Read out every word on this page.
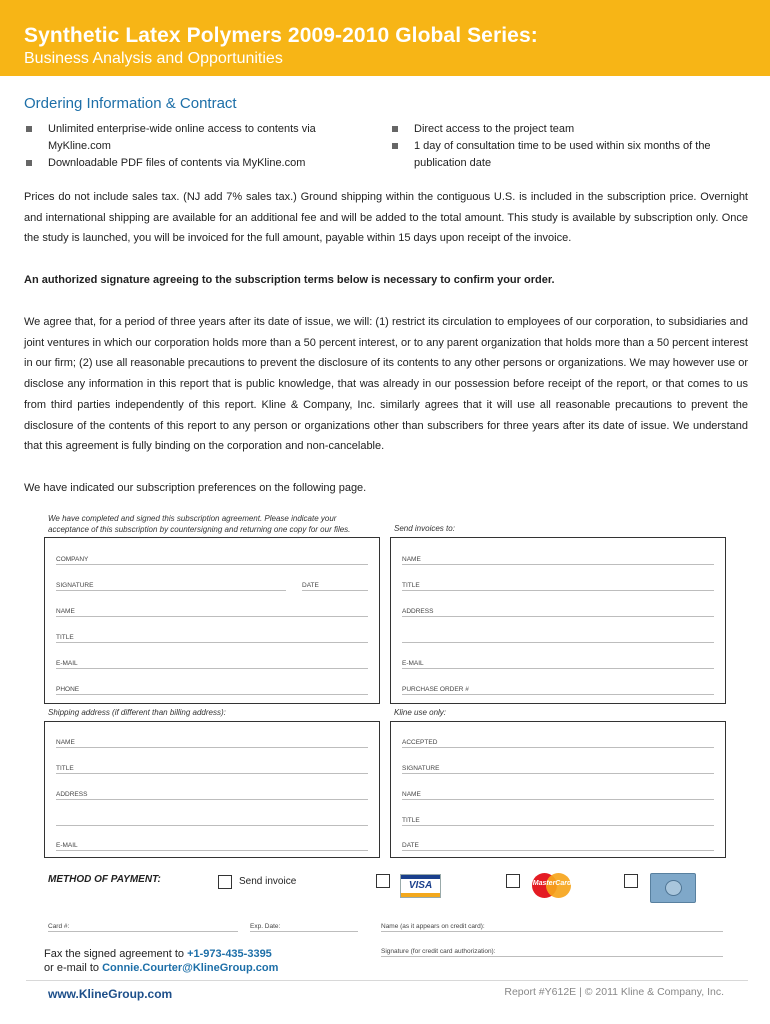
Synthetic Latex Polymers 2009-2010 Global Series:
Business Analysis and Opportunities
Ordering Information & Contract
Unlimited enterprise-wide online access to contents via MyKline.com
Downloadable PDF files of contents via MyKline.com
Direct access to the project team
1 day of consultation time to be used within six months of the publication date
Prices do not include sales tax. (NJ add 7% sales tax.) Ground shipping within the contiguous U.S. is included in the subscription price. Overnight and international shipping are available for an additional fee and will be added to the total amount. This study is available by subscription only. Once the study is launched, you will be invoiced for the full amount, payable within 15 days upon receipt of the invoice.
An authorized signature agreeing to the subscription terms below is necessary to confirm your order.
We agree that, for a period of three years after its date of issue, we will: (1) restrict its circulation to employees of our corporation, to subsidiaries and joint ventures in which our corporation holds more than a 50 percent interest, or to any parent organization that holds more than a 50 percent interest in our firm; (2) use all reasonable precautions to prevent the disclosure of its contents to any other persons or organizations. We may however use or disclose any information in this report that is public knowledge, that was already in our possession before receipt of the report, or that comes to us from third parties independently of this report. Kline & Company, Inc. similarly agrees that it will use all reasonable precautions to prevent the disclosure of the contents of this report to any person or organizations other than subscribers for three years after its date of issue. We understand that this agreement is fully binding on the corporation and non-cancelable.
We have indicated our subscription preferences on the following page.
We have completed and signed this subscription agreement. Please indicate your acceptance of this subscription by countersigning and returning one copy for our files.	Send invoices to:
COMPANY
SIGNATURE	DATE
NAME
TITLE
E-MAIL
PHONE
NAME
TITLE
ADDRESS
E-MAIL
PURCHASE ORDER #
Shipping address (if different than billing address):	Kline use only:
NAME
TITLE
ADDRESS
E-MAIL
ACCEPTED
SIGNATURE
NAME
TITLE
DATE
METHOD OF PAYMENT:	Send invoice	VISA	MasterCard
Card #:	Exp. Date:	Name (as it appears on credit card):
Signature (for credit card authorization):
Fax the signed agreement to +1-973-435-3395
or e-mail to Connie.Courter@KlineGroup.com
www.KlineGroup.com	Report #Y612E | © 2011 Kline & Company, Inc.
